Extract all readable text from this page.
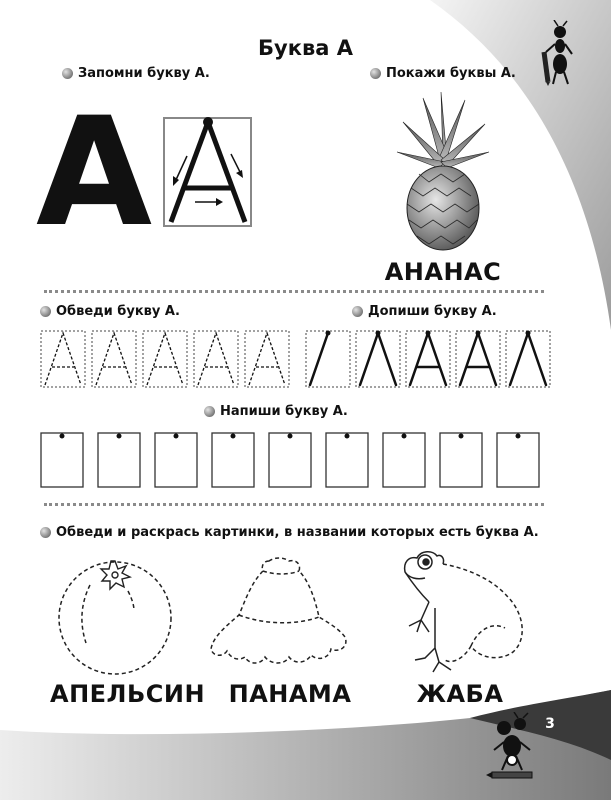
Буква А
Запомни букву А.	Покажи буквы А.
А
АНАНАС
Обведи букву А.	Допиши букву А.
Напиши букву А.
Обведи и раскрась картинки, в названии которых есть буква А.
АПЕЛЬСИН ПАНАМА	ЖАБА
3
